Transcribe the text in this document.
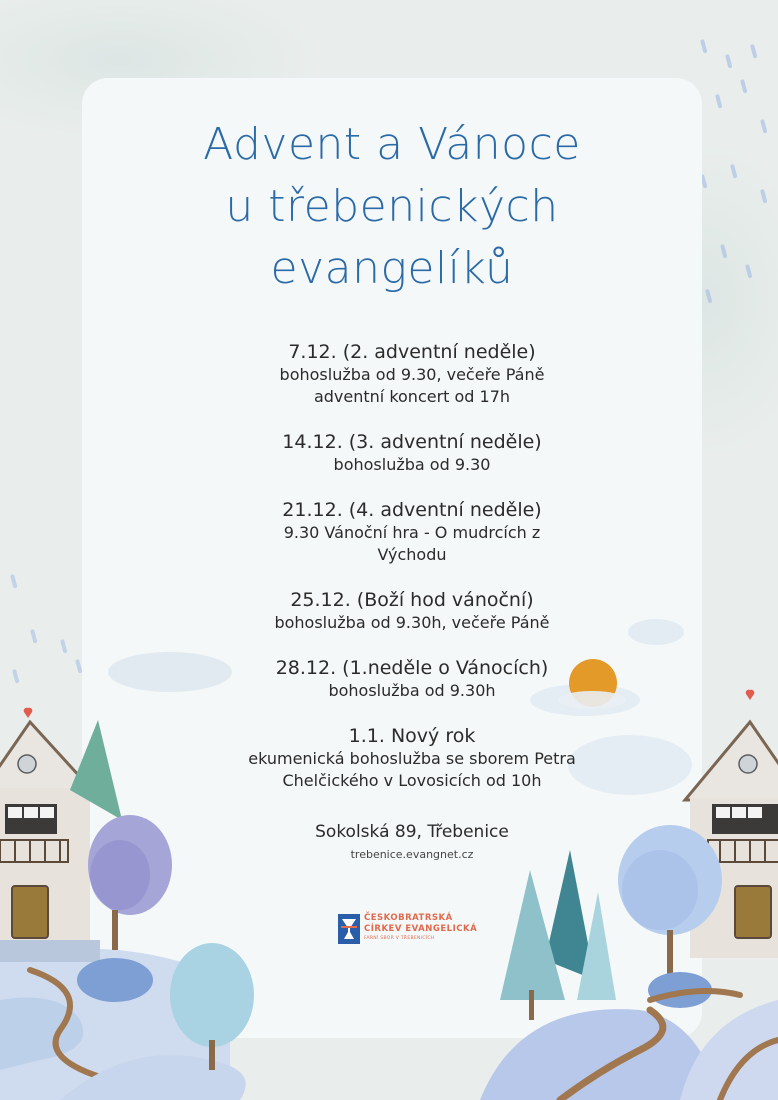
Advent a Vánoce
u třebenických
evangelíků
7.12. (2. adventní neděle)
bohoslužba od 9.30, večeře Páně
adventní koncert od 17h
14.12. (3. adventní neděle)
bohoslužba od 9.30
21.12. (4. adventní neděle)
9.30 Vánoční hra - O mudrcích z
Východu
25.12. (Boží hod vánoční)
bohoslužba od 9.30h, večeře Páně
28.12. (1.neděle o Vánocích)
bohoslužba od 9.30h
1.1. Nový rok
ekumenická bohoslužba se sborem Petra
Chelčického v Lovosicích od 10h
Sokolská 89, Třebenice
trebenice.evangnet.cz
ČESKOBRATRSKÁ
CÍRKEV EVANGELICKÁ
FARNÍ SBOR V TŘEBENICÍCH
